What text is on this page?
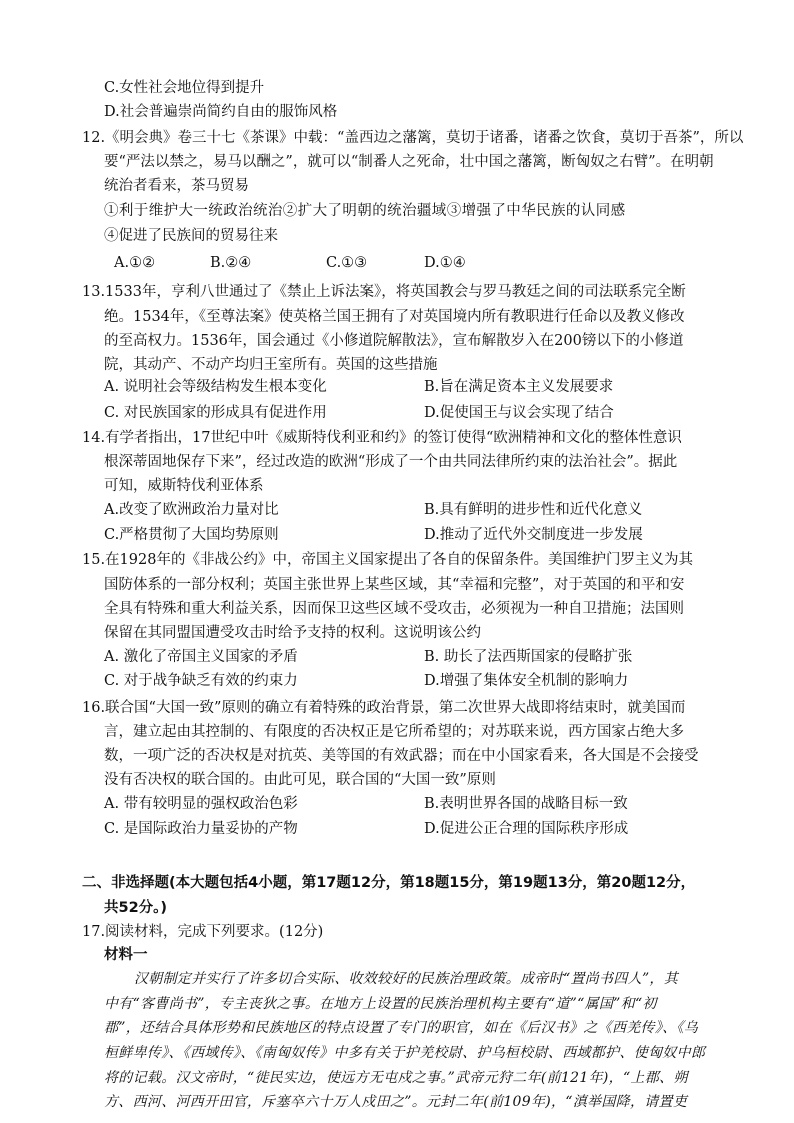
C.女性社会地位得到提升
D.社会普遍崇尚简约自由的服饰风格
12.《明会典》卷三十七《茶课》中载：“盖西边之藩篱，莫切于诸番，诸番之饮食，莫切于吾茶”，所以
要“严法以禁之，易马以酬之”，就可以“制番人之死命，壮中国之藩篱，断匈奴之右臂”。在明朝
统治者看来，茶马贸易
①利于维护大一统政治统治②扩大了明朝的统治疆域③增强了中华民族的认同感
④促进了民族间的贸易往来
A.①②	B.②④	C.①③	D.①④
13.1533年，亨利八世通过了《禁止上诉法案》，将英国教会与罗马教廷之间的司法联系完全断
绝。1534年，《至尊法案》使英格兰国王拥有了对英国境内所有教职进行任命以及教义修改
的至高权力。1536年，国会通过《小修道院解散法》，宣布解散岁入在200镑以下的小修道
院，其动产、不动产均归王室所有。英国的这些措施
A. 说明社会等级结构发生根本变化	B.旨在满足资本主义发展要求
C. 对民族国家的形成具有促进作用	D.促使国王与议会实现了结合
14.有学者指出，17世纪中叶《威斯特伐利亚和约》的签订使得“欧洲精神和文化的整体性意识
根深蒂固地保存下来”，经过改造的欧洲“形成了一个由共同法律所约束的法治社会”。据此
可知，威斯特伐利亚体系
A.改变了欧洲政治力量对比	B.具有鲜明的进步性和近代化意义
C.严格贯彻了大国均势原则	D.推动了近代外交制度进一步发展
15.在1928年的《非战公约》中，帝国主义国家提出了各自的保留条件。美国维护门罗主义为其
国防体系的一部分权利；英国主张世界上某些区域，其“幸福和完整”，对于英国的和平和安
全具有特殊和重大利益关系，因而保卫这些区域不受攻击，必须视为一种自卫措施；法国则
保留在其同盟国遭受攻击时给予支持的权利。这说明该公约
A. 激化了帝国主义国家的矛盾	B. 助长了法西斯国家的侵略扩张
C. 对于战争缺乏有效的约束力	D.增强了集体安全机制的影响力
16.联合国“大国一致”原则的确立有着特殊的政治背景，第二次世界大战即将结束时，就美国而
言，建立起由其控制的、有限度的否决权正是它所希望的；对苏联来说，西方国家占绝大多
数，一项广泛的否决权是对抗英、美等国的有效武器；而在中小国家看来，各大国是不会接受
没有否决权的联合国的。由此可见，联合国的“大国一致”原则
A. 带有较明显的强权政治色彩	B.表明世界各国的战略目标一致
C. 是国际政治力量妥协的产物	D.促进公正合理的国际秩序形成
二、非选择题(本大题包括4小题，第17题12分，第18题15分，第19题13分，第20题12分，
共52分。)
17.阅读材料，完成下列要求。(12分)
材料一
汉朝制定并实行了许多切合实际、收效较好的民族治理政策。成帝时“置尚书四人”，其
中有“客曹尚书”，专主丧狄之事。在地方上设置的民族治理机构主要有“道”“属国”和“初
郡”，还结合具体形势和民族地区的特点设置了专门的职官，如在《后汉书》之《西羌传》、《乌
桓鲜卑传》、《西域传》、《南匈奴传》中多有关于护羌校尉、护乌桓校尉、西域都护、使匈奴中郎
将的记载。汉文帝时，“徙民实边，使远方无屯戍之事。”武帝元狩二年(前121年)，“上郡、朔
方、西河、河西开田官，斥塞卒六十万人戍田之”。元封二年(前109年)，“滇举国降，请置吏
